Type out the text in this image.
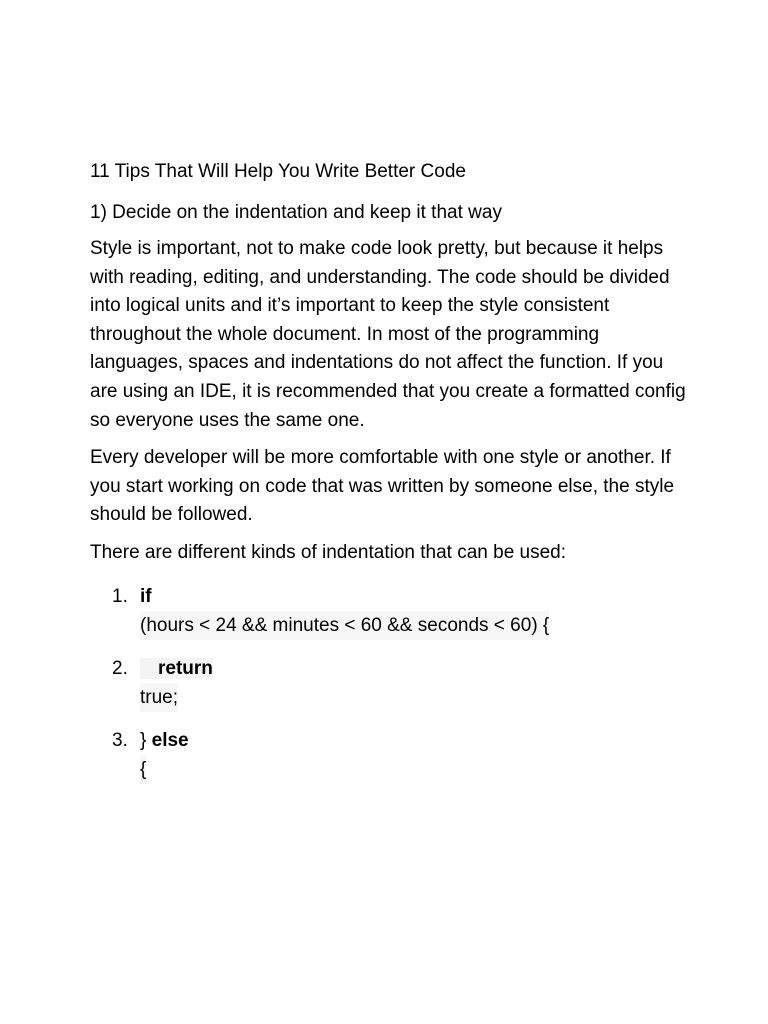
11 Tips That Will Help You Write Better Code
1) Decide on the indentation and keep it that way

Style is important, not to make code look pretty, but because it helps with reading, editing, and understanding. The code should be divided into logical units and it’s important to keep the style consistent throughout the whole document. In most of the programming languages, spaces and indentations do not affect the function. If you are using an IDE, it is recommended that you create a formatted config so everyone uses the same one.

Every developer will be more comfortable with one style or another. If you start working on code that was written by someone else, the style should be followed.

There are different kinds of indentation that can be used:

1. if
(hours < 24 && minutes < 60 && seconds < 60) {
2.	return
true;
3. } else
{
